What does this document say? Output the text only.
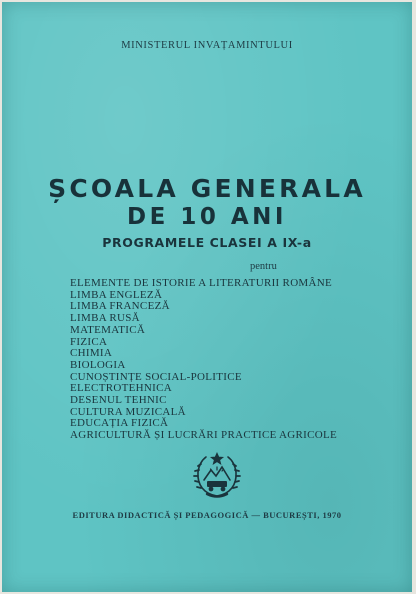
MINISTERUL INVAȚAMINTULUI
ȘCOALA GENERALA
DE 10 ANI
PROGRAMELE CLASEI A IX-a
pentru
ELEMENTE DE ISTORIE A LITERATURII ROMÂNE
LIMBA ENGLEZĂ
LIMBA FRANCEZĂ
LIMBA RUSĂ
MATEMATICĂ
FIZICA
CHIMIA
BIOLOGIA
CUNOȘTINȚE SOCIAL-POLITICE
ELECTROTEHNICA
DESENUL TEHNIC
CULTURA MUZICALĂ
EDUCAȚIA FIZICĂ
AGRICULTURĂ ȘI LUCRĂRI PRACTICE AGRICOLE
EDITURA DIDACTICĂ ȘI PEDAGOGICĂ — BUCUREȘTI, 1970
